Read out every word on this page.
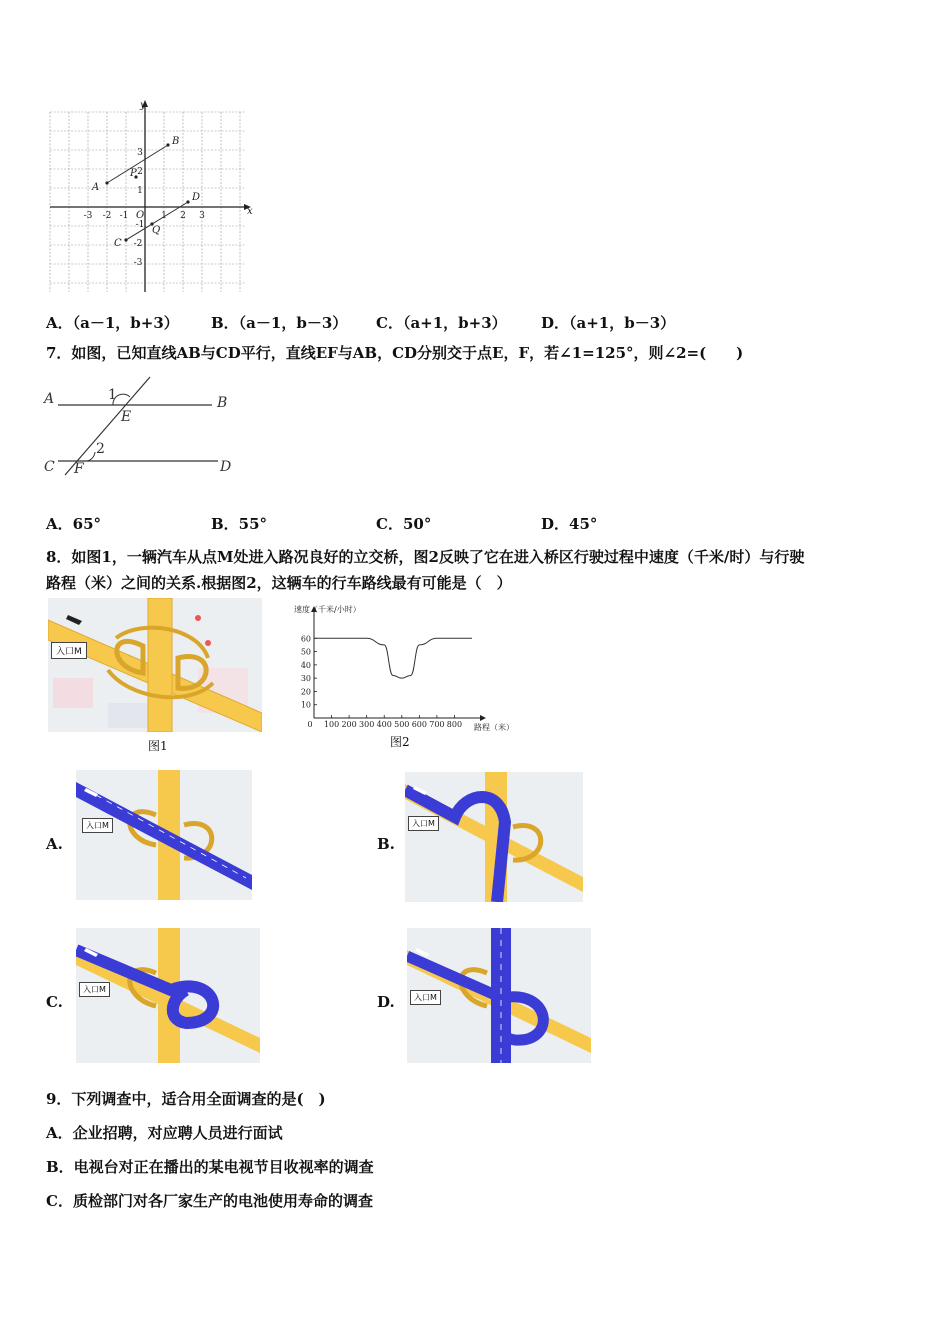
x
y
O
A
B
P
C
D
Q
-3 -2 -1	1 2 3
3
2
1
-1
-2
-3
A．（a－1，b+3） B．（a－1，b－3） C．（a+1，b+3） D．（a+1，b－3）
7．如图，已知直线AB与CD平行，直线EF与AB，CD分别交于点E，F，若∠1=125°，则∠2=(　　)
A	B
C	D
E
F
1
2
A．65°	B．55°	C．50°	D．45°
8．如图1，一辆汽车从点M处进入路况良好的立交桥，图2反映了它在进入桥区行驶过程中速度（千米/时）与行驶
路程（米）之间的关系.根据图2，这辆车的行车路线最有可能是（　）
入口M
图1
10
20
30
40
50
60
0 100 200 300 400 500 600 700 800
速度（千米/小时）
路程（米）
图2
A.
入口M
B.
入口M
C.
入口M
D.	入口M
9．下列调查中，适合用全面调查的是(　)
A．企业招聘，对应聘人员进行面试
B．电视台对正在播出的某电视节目收视率的调查
C．质检部门对各厂家生产的电池使用寿命的调查
